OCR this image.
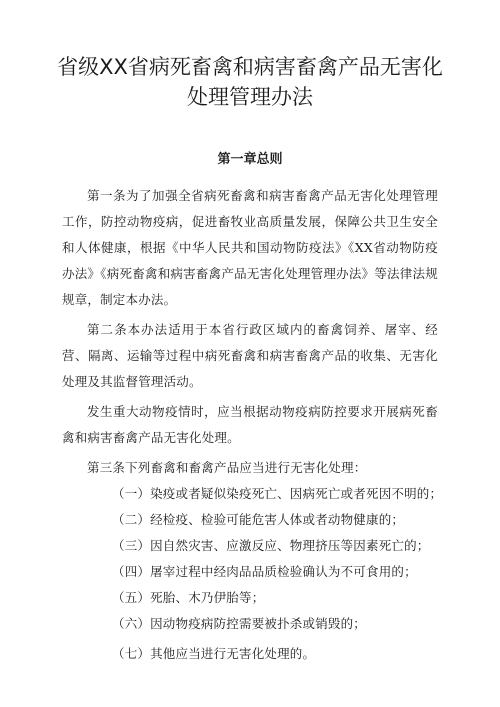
省级XX省病死畜禽和病害畜禽产品无害化
处理管理办法
第一章总则

第一条为了加强全省病死畜禽和病害畜禽产品无害化处理管理工作，防控动物疫病，促进畜牧业高质量发展，保障公共卫生安全和人体健康，根据《中华人民共和国动物防疫法》《XX省动物防疫办法》《病死畜禽和病害畜禽产品无害化处理管理办法》等法律法规规章，制定本办法。

第二条本办法适用于本省行政区域内的畜禽饲养、屠宰、经营、隔离、运输等过程中病死畜禽和病害畜禽产品的收集、无害化处理及其监督管理活动。

发生重大动物疫情时，应当根据动物疫病防控要求开展病死畜禽和病害畜禽产品无害化处理。

第三条下列畜禽和畜禽产品应当进行无害化处理：

（一）染疫或者疑似染疫死亡、因病死亡或者死因不明的；

（二）经检疫、检验可能危害人体或者动物健康的；

（三）因自然灾害、应激反应、物理挤压等因素死亡的；

（四）屠宰过程中经肉品品质检验确认为不可食用的；

（五）死胎、木乃伊胎等；

（六）因动物疫病防控需要被扑杀或销毁的；

（七）其他应当进行无害化处理的。
